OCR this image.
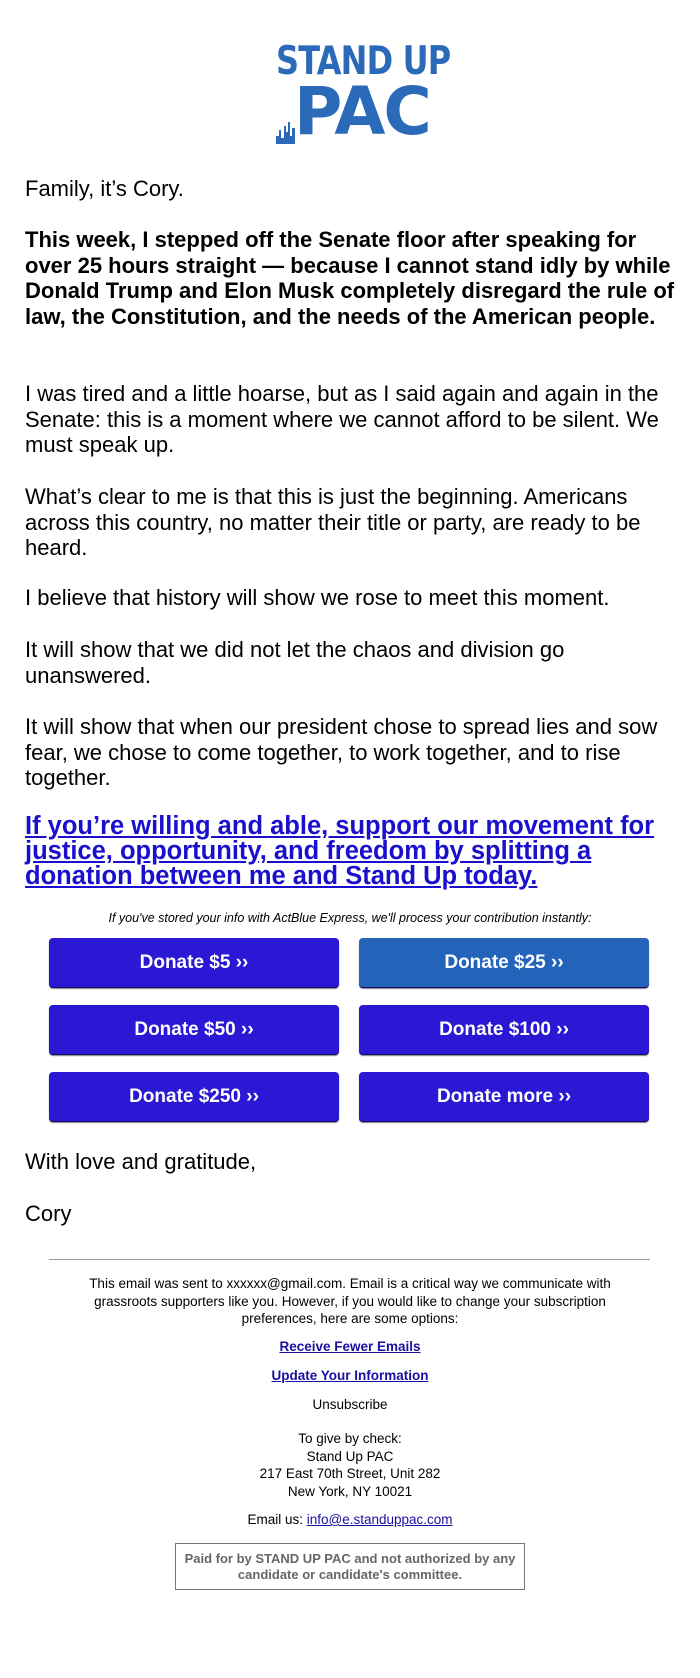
STAND UP
PAC
Family, it’s Cory.
This week, I stepped off the Senate floor after speaking for over 25 hours straight — because I cannot stand idly by while Donald Trump and Elon Musk completely disregard the rule of law, the Constitution, and the needs of the American people.
I was tired and a little hoarse, but as I said again and again in the Senate: this is a moment where we cannot afford to be silent. We must speak up.
What’s clear to me is that this is just the beginning. Americans across this country, no matter their title or party, are ready to be heard.
I believe that history will show we rose to meet this moment.
It will show that we did not let the chaos and division go unanswered.
It will show that when our president chose to spread lies and sow fear, we chose to come together, to work together, and to rise together.
If you’re willing and able, support our movement for justice, opportunity, and freedom by splitting a donation between me and Stand Up today.
If you've stored your info with ActBlue Express, we'll process your contribution instantly:
Donate $5 ››	Donate $25 ››
Donate $50 ››	Donate $100 ››
Donate $250 ››	Donate more ››
With love and gratitude,
Cory
This email was sent to xxxxxx@gmail.com. Email is a critical way we communicate with grassroots supporters like you. However, if you would like to change your subscription preferences, here are some options:
Receive Fewer Emails
Update Your Information
Unsubscribe
To give by check:
Stand Up PAC
217 East 70th Street, Unit 282
New York, NY 10021
Email us: info@e.standuppac.com
Paid for by STAND UP PAC and not authorized by any candidate or candidate's committee.
